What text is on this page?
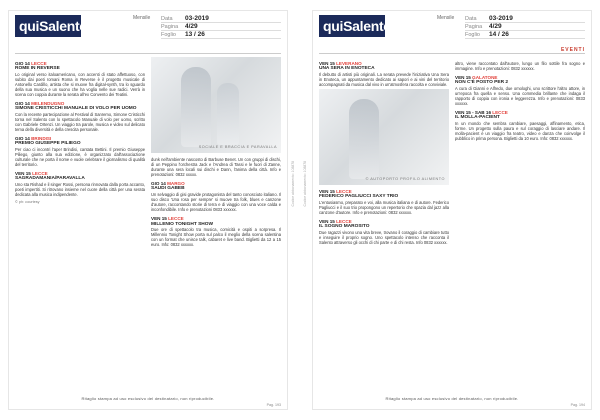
quiSalento	Mensile Data	03-2019
Pagina	4/29
Foglio	13 / 26
GIO 14 LECCE
ROME IN REVERSE

Lo original verso italoamericano, con accenti di stato affettuoso, con subito dai poeti romani Roma in Reverse è il progetto musicale di Antonello Cardillo, artista che si muove fra digital-synth, tra lo sguardo della sua musica e un suono che ha voglia nelle sue radici. Verrà in scena con coppia durante la serata all'ex Convento dei Teatini.

GIO 14 MELENDUGNO
SIMONE CRISTICCHI MANUALE DI VOLO PER UOMO

Con la recente partecipazione al Festival di Sanremo, Simone Cristicchi torna nel Salento con lo spettacolo Manuale di volo per uomo, scritto con Gabriele Ortenzi. Un viaggio tra parole, musica e video sul delicato tema della diversità e della crescita personale.

GIO 14 BRINDISI
PREMIO GIUSEPPE PILIEGO

Per ciao ci incontri l'ape! Brindisi, cantata Bettini. Il premio Giuseppe Piliego, giunto alla sua edizione, è organizzato dall'associazione culturale che ne porta il nome e vuole celebrare il giornalismo di qualità del territorio.

VEN 15 LECCE
SAGRADAMANIA/PARAVALLA

Uno sta Rishad e il singer Rossi, persona rinnovata dalla porta accanto, poeti impertiti. Si ritrovano insieme nel cuore della città per una serata dedicata alla musica indipendente.

© ph: courtesy
SOCIALE E BRACCIA E PARAVALLA

dunk nell'ambiente nascosto di Barbuse Benet. Un con gruppi di dischi, di un Peppino l'orchestra Jack e l'Andrea di Tassi e le fuori di Zanne, durante una sera locali sui dischi e Dann, l'anima della città. Info e prenotazioni: 0832 xxxxx.

GIO 14 MARGO
SAUDI GABEB

Un selvaggio di gisi gravide protagonista del tanto conosciuto italiano. Il suo disco 'Una rosa per sempre' si muove tra folk, blues e canzone d'autore, raccontando storie di terra e di viaggio con una voce calda e inconfondibile. Info e prenotazioni 0833 xxxxxx.

VEN 15 LECCE
MILLENIO TONIGHT SHOW

Due ore di spettacolo tra musica, comicità e ospiti a sorpresa. Il Millennio Tonight Show porta sul palco il meglio della scena salentina con un format che unisce talk, cabaret e live band. Biglietti da 12 a 15 euro. Info: 0832 xxxxxx.

Ritaglio stampa ad uso esclusivo del destinatario, non riproducibile.
Pag. 193
Codice abbonamento: 108878
quiSalento	Mensile Data	03-2019
Pagina	4/29
Foglio	14 / 26
EVENTI
VEN 15 LEVERANO
UNA SERA IN ENOTECA

Il debutto di artisti più originali. La serata prevede l'iniziativa Una Sera in Enoteca, un appuntamento dedicato ai sapori e ai vini del territorio accompagnati da musica dal vivo in un'atmosfera raccolta e conviviale.

© AUTOPORTO PROFILO ALIMENTO
VEN 15 LECCE
FEDERICO PAGLIUCCI SAXY TRIO

L'entusiasmo, preparato e voi, alla musica italiana e di autore. Federico Pagliucci e il suo trio propongono un repertorio che spazia dal jazz alla canzone d'autore. Info e prenotazioni: 0832 xxxxxx.

VEN 15 LECCE
IL SOGNO MAROSITO

Due ragazzi vivono una vita breve, trovano il coraggio di cambiare tutto e inseguire il proprio sogno. Uno spettacolo intenso che racconta il Salento attraverso gli occhi di chi parte e di chi resta. Info 0832 xxxxxx.

altro, viene raccontato dall'autore, lungo un filo sottile fra sogno e immagine. Info e prenotazioni: 0832 xxxxxx.

VEN 15 GALATONE
NON C'È POSTO PER 2

A cura di Gianni e Alfredo, due omologhi, uno scrittore l'altro attore, in un'epoca fra quella e senso. Una commedia brillante che indaga il rapporto di coppia con ironia e leggerezza. Info e prenotazioni: 0833 xxxxxx.

VEN 15 - SAB 16 LECCE
IL MOLLA-PACIENT

In un mondo che sembra cambiare, paesaggi, affinamento, etica, forme. Un progetto sulla paura e sul coraggio di lasciare andare. Il molla-pacient è un viaggio fra teatro, video e danza che coinvolge il pubblico in prima persona. Biglietti da 10 euro. Info: 0832 xxxxxx.

Ritaglio stampa ad uso esclusivo del destinatario, non riproducibile.
Pag. 194
Codice abbonamento: 108878
